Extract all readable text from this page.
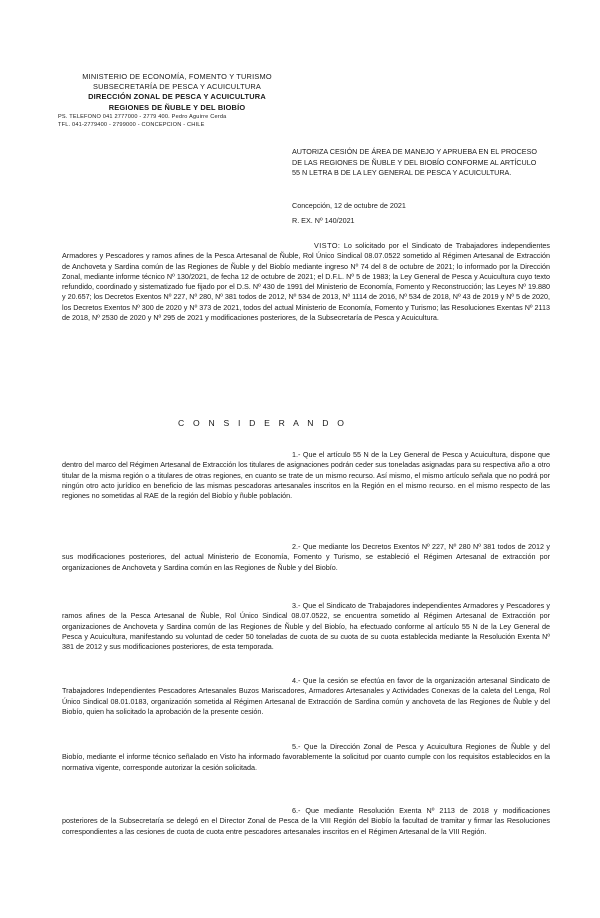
MINISTERIO DE ECONOMÍA, FOMENTO Y TURISMO
SUBSECRETARÍA DE PESCA Y ACUICULTURA
DIRECCIÓN ZONAL DE PESCA Y ACUICULTURA
REGIONES DE ÑUBLE Y DEL BIOBÍO
PS. TELEFONO 041 2777000 - 2779 400. Pedro Aguirre Cerda
TFL. 041-2779400 - 2799000 - CONCEPCION - CHILE
AUTORIZA CESIÓN DE ÁREA DE MANEJO Y APRUEBA EN EL PROCESO DE LAS REGIONES DE ÑUBLE Y DEL BIOBÍO CONFORME AL ARTÍCULO 55 N LETRA B DE LA LEY GENERAL DE PESCA Y ACUICULTURA.
Concepción, 12 de octubre de 2021
R. EX. Nº 140/2021
VISTO: Lo solicitado por el Sindicato de Trabajadores independientes Armadores y Pescadores y ramos afines de la Pesca Artesanal de Ñuble, Rol Único Sindical 08.07.0522 sometido al Régimen Artesanal de Extracción de Anchoveta y Sardina común de las Regiones de Ñuble y del Biobío mediante ingreso Nº 74 del 8 de octubre de 2021; lo informado por la Dirección Zonal, mediante informe técnico Nº 130/2021, de fecha 12 de octubre de 2021; el D.F.L. Nº 5 de 1983; la Ley General de Pesca y Acuicultura cuyo texto refundido, coordinado y sistematizado fue fijado por el D.S. Nº 430 de 1991 del Ministerio de Economía, Fomento y Reconstrucción; las Leyes Nº 19.880 y 20.657; los Decretos Exentos Nº 227, Nº 280, Nº 381 todos de 2012, Nº 534 de 2013, Nº 1114 de 2016, Nº 534 de 2018, Nº 43 de 2019 y Nº 5 de 2020, los Decretos Exentos Nº 300 de 2020 y Nº 373 de 2021, todos del actual Ministerio de Economía, Fomento y Turismo; las Resoluciones Exentas Nº 2113 de 2018, Nº 2530 de 2020 y Nº 295 de 2021 y modificaciones posteriores, de la Subsecretaría de Pesca y Acuicultura.
C O N S I D E R A N D O
1.- Que el artículo 55 N de la Ley General de Pesca y Acuicultura, dispone que dentro del marco del Régimen Artesanal de Extracción los titulares de asignaciones podrán ceder sus toneladas asignadas para su respectiva año a otro titular de la misma región o a titulares de otras regiones, en cuanto se trate de un mismo recurso. Así mismo, el mismo artículo señala que no podrá por ningún otro acto jurídico en beneficio de las mismas pescadoras artesanales inscritos en la Región en el mismo recurso. en el mismo respecto de las regiones no sometidas al RAE de la región del Biobío y ñuble población.
2.- Que mediante los Decretos Exentos Nº 227, Nº 280 Nº 381 todos de 2012 y sus modificaciones posteriores, del actual Ministerio de Economía, Fomento y Turismo, se estableció el Régimen Artesanal de extracción por organizaciones de Anchoveta y Sardina común en las Regiones de Ñuble y del Biobío.
3.- Que el Sindicato de Trabajadores independientes Armadores y Pescadores y ramos afines de la Pesca Artesanal de Ñuble, Rol Único Sindical 08.07.0522, se encuentra sometido al Régimen Artesanal de Extracción por organizaciones de Anchoveta y Sardina común de las Regiones de Ñuble y del Biobío, ha efectuado conforme al artículo 55 N de la Ley General de Pesca y Acuicultura, manifestando su voluntad de ceder 50 toneladas de cuota de su cuota de su cuota establecida mediante la Resolución Exenta Nº 381 de 2012 y sus modificaciones posteriores, de esta temporada.
4.- Que la cesión se efectúa en favor de la organización artesanal Sindicato de Trabajadores Independientes Pescadores Artesanales Buzos Mariscadores, Armadores Artesanales y Actividades Conexas de la caleta del Lenga, Rol Único Sindical 08.01.0183, organización sometida al Régimen Artesanal de Extracción de Sardina común y anchoveta de las Regiones de Ñuble y del Biobío, quien ha solicitado la aprobación de la presente cesión.
5.- Que la Dirección Zonal de Pesca y Acuicultura Regiones de Ñuble y del Biobío, mediante el informe técnico señalado en Visto ha informado favorablemente la solicitud por cuanto cumple con los requisitos establecidos en la normativa vigente, corresponde autorizar la cesión solicitada.
6.- Que mediante Resolución Exenta Nº 2113 de 2018 y modificaciones posteriores de la Subsecretaría se delegó en el Director Zonal de Pesca de la VIII Región del Biobío la facultad de tramitar y firmar las Resoluciones correspondientes a las cesiones de cuota de cuota entre pescadores artesanales inscritos en el Régimen Artesanal de la VIII Región.
